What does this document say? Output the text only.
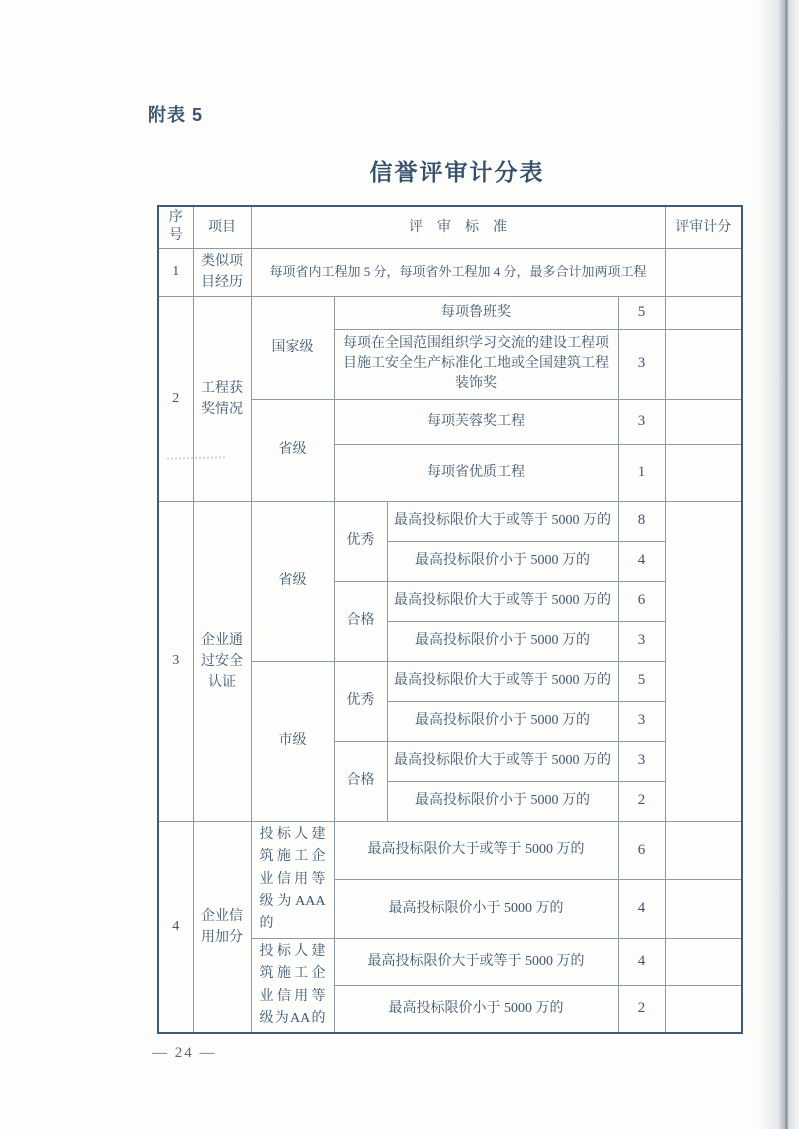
附表 5
信誉评审计分表
序号	项目	评　审　标　准				评审计分
1	类似项目经历	每项省内工程加 5 分，每项省外工程加 4 分，最多合计加两项工程				
2	工程获奖情况	国家级	每项鲁班奖		5	
			每项在全国范围组织学习交流的建设工程项目施工安全生产标准化工地或全国建筑工程装饰奖		3	
		省级	每项芙蓉奖工程		3	
			每项省优质工程		1	
3	企业通过安全认证	省级	优秀	最高投标限价大于或等于 5000 万的	8	
				最高投标限价小于 5000 万的	4	
			合格	最高投标限价大于或等于 5000 万的	6	
				最高投标限价小于 5000 万的	3	
		市级	优秀	最高投标限价大于或等于 5000 万的	5	
				最高投标限价小于 5000 万的	3	
			合格	最高投标限价大于或等于 5000 万的	3	
				最高投标限价小于 5000 万的	2	
4	企业信用加分	投标人建筑施工企业信用等级为AAA的	最高投标限价大于或等于 5000 万的		6	
			最高投标限价小于 5000 万的		4	
		投标人建筑施工企业信用等级为AA的	最高投标限价大于或等于 5000 万的		4	
			最高投标限价小于 5000 万的		2	
— 24 —
